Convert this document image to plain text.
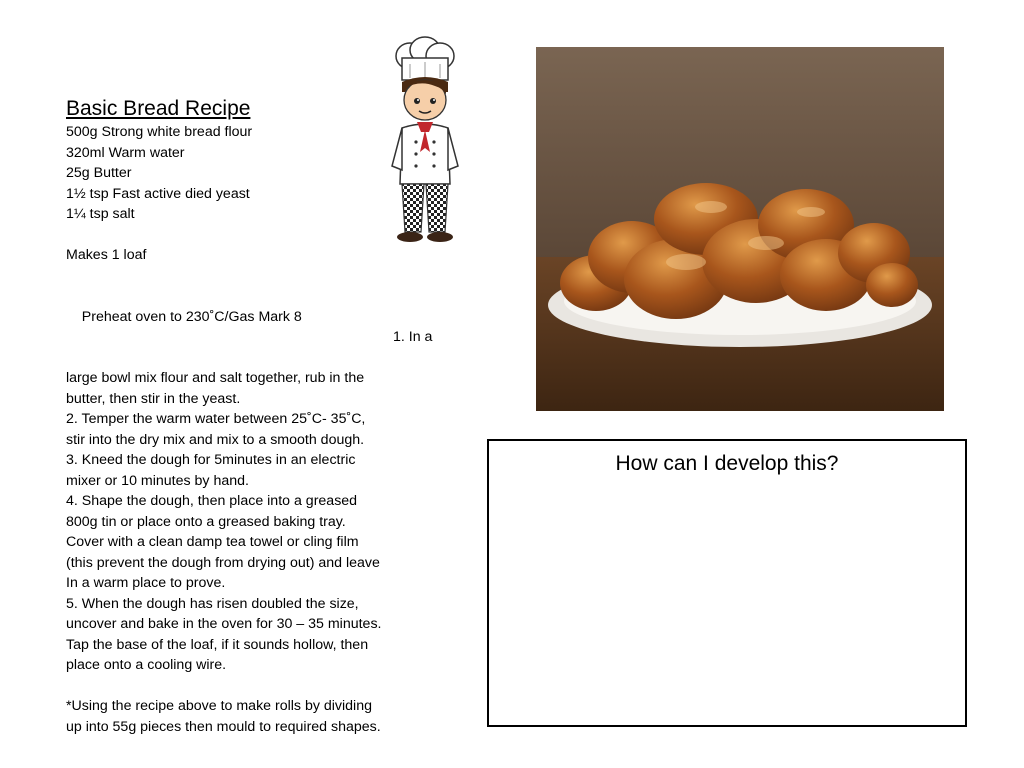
Basic Bread Recipe
500g Strong white bread flour
320ml Warm water
25g Butter
1½ tsp Fast active died yeast
1¼ tsp salt
Makes 1 loaf

Preheat oven to 230˚C/Gas Mark 8

1. In a

large bowl mix flour and salt together, rub in the
butter, then stir in the yeast.
2. Temper the warm water between 25˚C- 35˚C,
stir into the dry mix and mix to a smooth dough.
3. Kneed the dough for 5minutes in an electric
mixer or 10 minutes by hand.
4. Shape the dough, then place into a greased
800g tin or place onto a greased baking tray.
Cover with a clean damp tea towel or cling film
(this prevent the dough from drying out) and leave
In a warm place to prove.
5. When the dough has risen doubled the size,
uncover and bake in the oven for 30 – 35 minutes.
Tap the base of the loaf, if it sounds hollow, then
place onto a cooling wire.
*Using the recipe above to make rolls by dividing
up into 55g pieces then mould to required shapes.
How can I develop this?
